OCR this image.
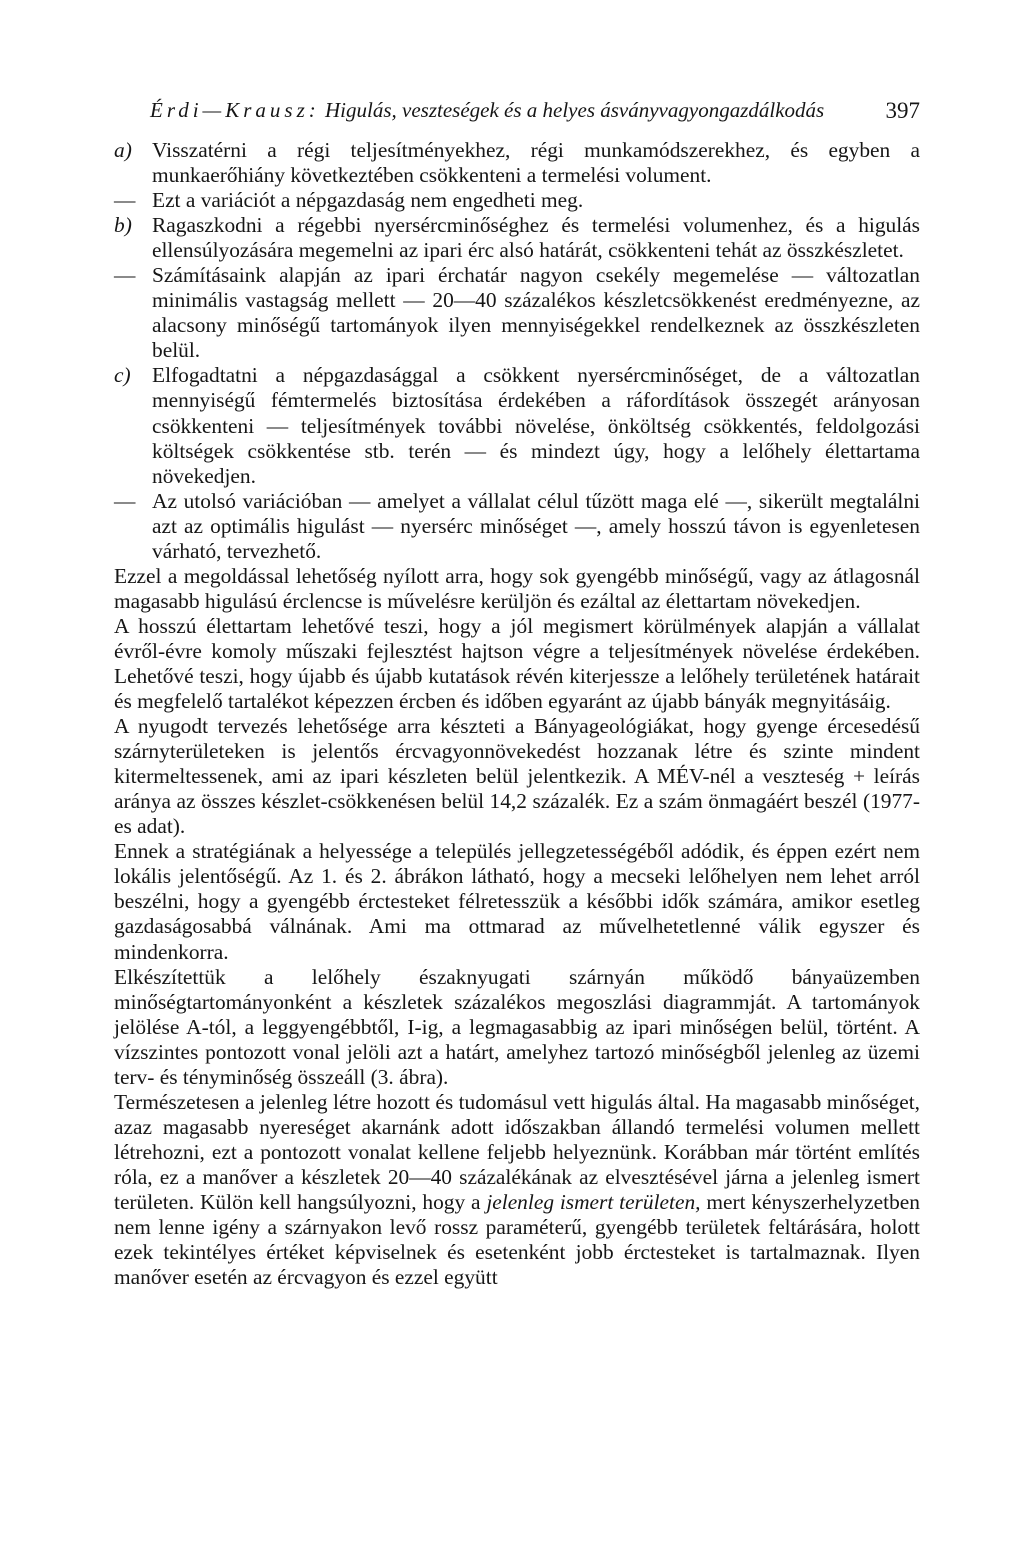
Érdi—Krausz: Higulás, veszteségek és a helyes ásványvagyongazdálkodás	397
a) Visszatérni a régi teljesítményekhez, régi munkamódszerekhez, és egyben a munkaerőhiány következtében csökkenteni a termelési volument.
— Ezt a variációt a népgazdaság nem engedheti meg.
b) Ragaszkodni a régebbi nyersércminőséghez és termelési volumenhez, és a higulás ellensúlyozására megemelni az ipari érc alsó határát, csökkenteni tehát az összkészletet.
— Számításaink alapján az ipari érchatár nagyon csekély megemelése — változatlan minimális vastagság mellett — 20—40 százalékos készletcsökkenést eredményezne, az alacsony minőségű tartományok ilyen mennyiségekkel rendelkeznek az összkészleten belül.
c) Elfogadtatni a népgazdasággal a csökkent nyersércminőséget, de a változatlan mennyiségű fémtermelés biztosítása érdekében a ráfordítások összegét arányosan csökkenteni — teljesítmények további növelése, önköltség csökkentés, feldolgozási költségek csökkentése stb. terén — és mindezt úgy, hogy a lelőhely élettartama növekedjen.
— Az utolsó variációban — amelyet a vállalat célul tűzött maga elé —, sikerült megtalálni azt az optimális higulást — nyersérc minőséget —, amely hosszú távon is egyenletesen várható, tervezhető.

Ezzel a megoldással lehetőség nyílott arra, hogy sok gyengébb minőségű, vagy az átlagosnál magasabb higulású érclencse is művelésre kerüljön és ezáltal az élettartam növekedjen.

A hosszú élettartam lehetővé teszi, hogy a jól megismert körülmények alapján a vállalat évről-évre komoly műszaki fejlesztést hajtson végre a teljesítmények növelése érdekében. Lehetővé teszi, hogy újabb és újabb kutatások révén kiterjessze a lelőhely területének határait és megfelelő tartalékot képezzen ércben és időben egyaránt az újabb bányák megnyitásáig.

A nyugodt tervezés lehetősége arra készteti a Bányageológiákat, hogy gyenge ércesedésű szárnyterületeken is jelentős ércvagyonnövekedést hozzanak létre és szinte mindent kitermeltessenek, ami az ipari készleten belül jelentkezik. A MÉV-nél a veszteség + leírás aránya az összes készlet-csökkenésen belül 14,2 százalék. Ez a szám önmagáért beszél (1977-es adat).

Ennek a stratégiának a helyessége a település jellegzetességéből adódik, és éppen ezért nem lokális jelentőségű. Az 1. és 2. ábrákon látható, hogy a mecseki lelőhelyen nem lehet arról beszélni, hogy a gyengébb érctesteket félretesszük a későbbi idők számára, amikor esetleg gazdaságosabbá válnának. Ami ma ottmarad az művelhetetlenné válik egyszer és mindenkorra.

Elkészítettük a lelőhely északnyugati szárnyán működő bányaüzemben minőségtartományonként a készletek százalékos megoszlási diagrammját. A tartományok jelölése A-tól, a leggyengébbtől, I-ig, a legmagasabbig az ipari minőségen belül, történt. A vízszintes pontozott vonal jelöli azt a határt, amelyhez tartozó minőségből jelenleg az üzemi terv- és tényminőség összeáll (3. ábra).

Természetesen a jelenleg létre hozott és tudomásul vett higulás által. Ha magasabb minőséget, azaz magasabb nyereséget akarnánk adott időszakban állandó termelési volumen mellett létrehozni, ezt a pontozott vonalat kellene feljebb helyeznünk. Korábban már történt említés róla, ez a manőver a készletek 20—40 százalékának az elvesztésével járna a jelenleg ismert területen. Külön kell hangsúlyozni, hogy a jelenleg ismert területen, mert kényszerhelyzetben nem lenne igény a szárnyakon levő rossz paraméterű, gyengébb területek feltárására, holott ezek tekintélyes értéket képviselnek és esetenként jobb érctesteket is tartalmaznak. Ilyen manőver esetén az ércvagyon és ezzel együtt
